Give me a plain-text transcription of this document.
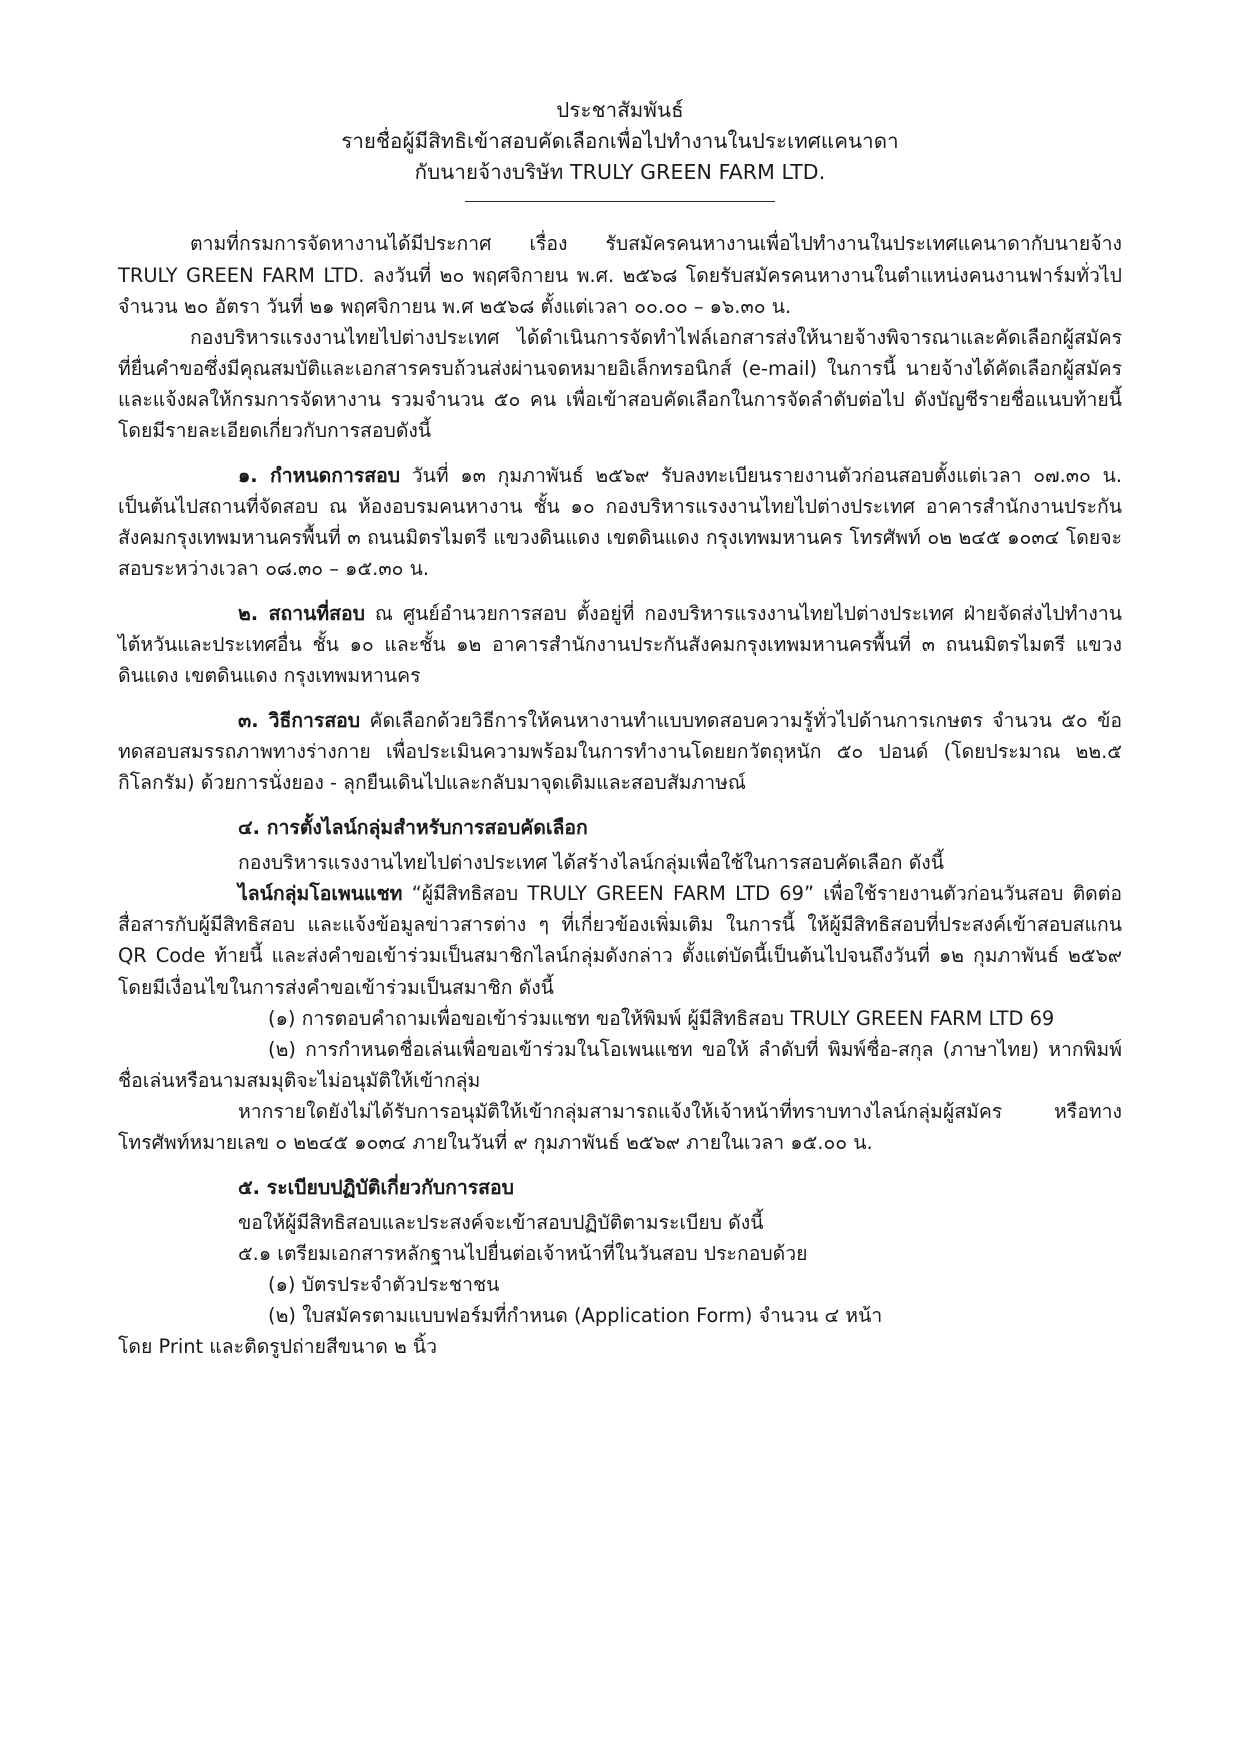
ประชาสัมพันธ์
รายชื่อผู้มีสิทธิเข้าสอบคัดเลือกเพื่อไปทำงานในประเทศแคนาดา
กับนายจ้างบริษัท TRULY GREEN FARM LTD.

ตามที่กรมการจัดหางานได้มีประกาศ เรื่อง รับสมัครคนหางานเพื่อไปทำงานในประเทศแคนาดากับนายจ้าง TRULY GREEN FARM LTD. ลงวันที่ ๒๐ พฤศจิกายน พ.ศ. ๒๕๖๘ โดยรับสมัครคนหางานในตำแหน่งคนงานฟาร์มทั่วไป จำนวน ๒๐ อัตรา วันที่ ๒๑ พฤศจิกายน พ.ศ ๒๕๖๘ ตั้งแต่เวลา ๐๐.๐๐ – ๑๖.๓๐ น.

กองบริหารแรงงานไทยไปต่างประเทศ ได้ดำเนินการจัดทำไฟล์เอกสารส่งให้นายจ้างพิจารณาและคัดเลือกผู้สมัครที่ยื่นคำขอซึ่งมีคุณสมบัติและเอกสารครบถ้วนส่งผ่านจดหมายอิเล็กทรอนิกส์ (e-mail) ในการนี้ นายจ้างได้คัดเลือกผู้สมัครและแจ้งผลให้กรมการจัดหางาน รวมจำนวน ๕๐ คน เพื่อเข้าสอบคัดเลือกในการจัดลำดับต่อไป ดังบัญชีรายชื่อแนบท้ายนี้ โดยมีรายละเอียดเกี่ยวกับการสอบดังนี้

๑. กำหนดการสอบ วันที่ ๑๓ กุมภาพันธ์ ๒๕๖๙ รับลงทะเบียนรายงานตัวก่อนสอบตั้งแต่เวลา ๐๗.๓๐ น. เป็นต้นไปสถานที่จัดสอบ ณ ห้องอบรมคนหางาน ชั้น ๑๐ กองบริหารแรงงานไทยไปต่างประเทศ อาคารสำนักงานประกันสังคมกรุงเทพมหานครพื้นที่ ๓ ถนนมิตรไมตรี แขวงดินแดง เขตดินแดง กรุงเทพมหานคร โทรศัพท์ ๐๒ ๒๔๕ ๑๐๓๔ โดยจะสอบระหว่างเวลา ๐๘.๓๐ – ๑๕.๓๐ น.

๒. สถานที่สอบ ณ ศูนย์อำนวยการสอบ ตั้งอยู่ที่ กองบริหารแรงงานไทยไปต่างประเทศ ฝ่ายจัดส่งไปทำงานไต้หวันและประเทศอื่น ชั้น ๑๐ และชั้น ๑๒ อาคารสำนักงานประกันสังคมกรุงเทพมหานครพื้นที่ ๓ ถนนมิตรไมตรี แขวงดินแดง เขตดินแดง กรุงเทพมหานคร

๓. วิธีการสอบ คัดเลือกด้วยวิธีการให้คนหางานทำแบบทดสอบความรู้ทั่วไปด้านการเกษตร จำนวน ๕๐ ข้อ ทดสอบสมรรถภาพทางร่างกาย เพื่อประเมินความพร้อมในการทำงานโดยยกวัตถุหนัก ๕๐ ปอนด์ (โดยประมาณ ๒๒.๕ กิโลกรัม) ด้วยการนั่งยอง - ลุกยืนเดินไปและกลับมาจุดเดิมและสอบสัมภาษณ์

๔. การตั้งไลน์กลุ่มสำหรับการสอบคัดเลือก

กองบริหารแรงงานไทยไปต่างประเทศ ได้สร้างไลน์กลุ่มเพื่อใช้ในการสอบคัดเลือก ดังนี้

ไลน์กลุ่มโอเพนแชท “ผู้มีสิทธิสอบ TRULY GREEN FARM LTD 69” เพื่อใช้รายงานตัวก่อนวันสอบ ติดต่อสื่อสารกับผู้มีสิทธิสอบ และแจ้งข้อมูลข่าวสารต่าง ๆ ที่เกี่ยวข้องเพิ่มเติม ในการนี้ ให้ผู้มีสิทธิสอบที่ประสงค์เข้าสอบสแกน QR Code ท้ายนี้ และส่งคำขอเข้าร่วมเป็นสมาชิกไลน์กลุ่มดังกล่าว ตั้งแต่บัดนี้เป็นต้นไปจนถึงวันที่ ๑๒ กุมภาพันธ์ ๒๕๖๙ โดยมีเงื่อนไขในการส่งคำขอเข้าร่วมเป็นสมาชิก ดังนี้

(๑) การตอบคำถามเพื่อขอเข้าร่วมแชท ขอให้พิมพ์ ผู้มีสิทธิสอบ TRULY GREEN FARM LTD 69

(๒) การกำหนดชื่อเล่นเพื่อขอเข้าร่วมในโอเพนแชท ขอให้ ลำดับที่ พิมพ์ชื่อ-สกุล (ภาษาไทย) หากพิมพ์ชื่อเล่นหรือนามสมมุติจะไม่อนุมัติให้เข้ากลุ่ม

หากรายใดยังไม่ได้รับการอนุมัติให้เข้ากลุ่มสามารถแจ้งให้เจ้าหน้าที่ทราบทางไลน์กลุ่มผู้สมัคร หรือทางโทรศัพท์หมายเลข ๐ ๒๒๔๕ ๑๐๓๔ ภายในวันที่ ๙ กุมภาพันธ์ ๒๕๖๙ ภายในเวลา ๑๕.๐๐ น.

๕. ระเบียบปฏิบัติเกี่ยวกับการสอบ

ขอให้ผู้มีสิทธิสอบและประสงค์จะเข้าสอบปฏิบัติตามระเบียบ ดังนี้

๕.๑ เตรียมเอกสารหลักฐานไปยื่นต่อเจ้าหน้าที่ในวันสอบ ประกอบด้วย

(๑) บัตรประจำตัวประชาชน

(๒) ใบสมัครตามแบบฟอร์มที่กำหนด (Application Form) จำนวน ๔ หน้า

โดย Print และติดรูปถ่ายสีขนาด ๒ นิ้ว
